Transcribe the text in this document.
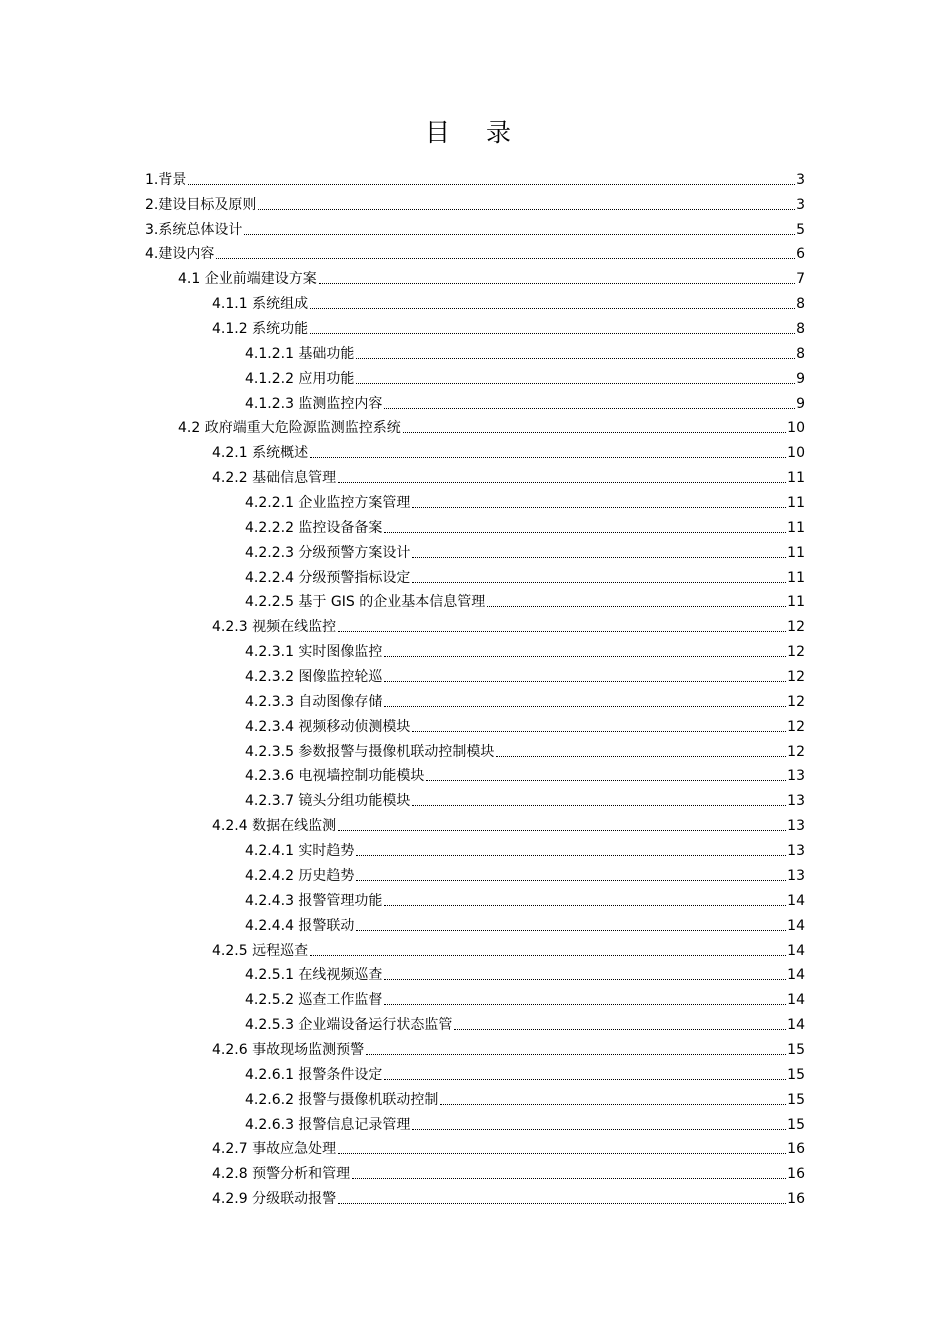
目 录
1.背景	3
2.建设目标及原则	3
3.系统总体设计	5
4.建设内容	6
4.1 企业前端建设方案	7
4.1.1 系统组成	8
4.1.2 系统功能	8
4.1.2.1 基础功能	8
4.1.2.2 应用功能	9
4.1.2.3 监测监控内容	9
4.2 政府端重大危险源监测监控系统	10
4.2.1 系统概述	10
4.2.2 基础信息管理	11
4.2.2.1 企业监控方案管理	11
4.2.2.2 监控设备备案	11
4.2.2.3 分级预警方案设计	11
4.2.2.4 分级预警指标设定	11
4.2.2.5 基于 GIS 的企业基本信息管理	11
4.2.3 视频在线监控	12
4.2.3.1 实时图像监控	12
4.2.3.2 图像监控轮巡	12
4.2.3.3 自动图像存储	12
4.2.3.4 视频移动侦测模块	12
4.2.3.5 参数报警与摄像机联动控制模块	12
4.2.3.6 电视墙控制功能模块	13
4.2.3.7 镜头分组功能模块	13
4.2.4 数据在线监测	13
4.2.4.1 实时趋势	13
4.2.4.2 历史趋势	13
4.2.4.3 报警管理功能	14
4.2.4.4 报警联动	14
4.2.5 远程巡查	14
4.2.5.1 在线视频巡查	14
4.2.5.2 巡查工作监督	14
4.2.5.3 企业端设备运行状态监管	14
4.2.6 事故现场监测预警	15
4.2.6.1 报警条件设定	15
4.2.6.2 报警与摄像机联动控制	15
4.2.6.3 报警信息记录管理	15
4.2.7 事故应急处理	16
4.2.8 预警分析和管理	16
4.2.9 分级联动报警	16
